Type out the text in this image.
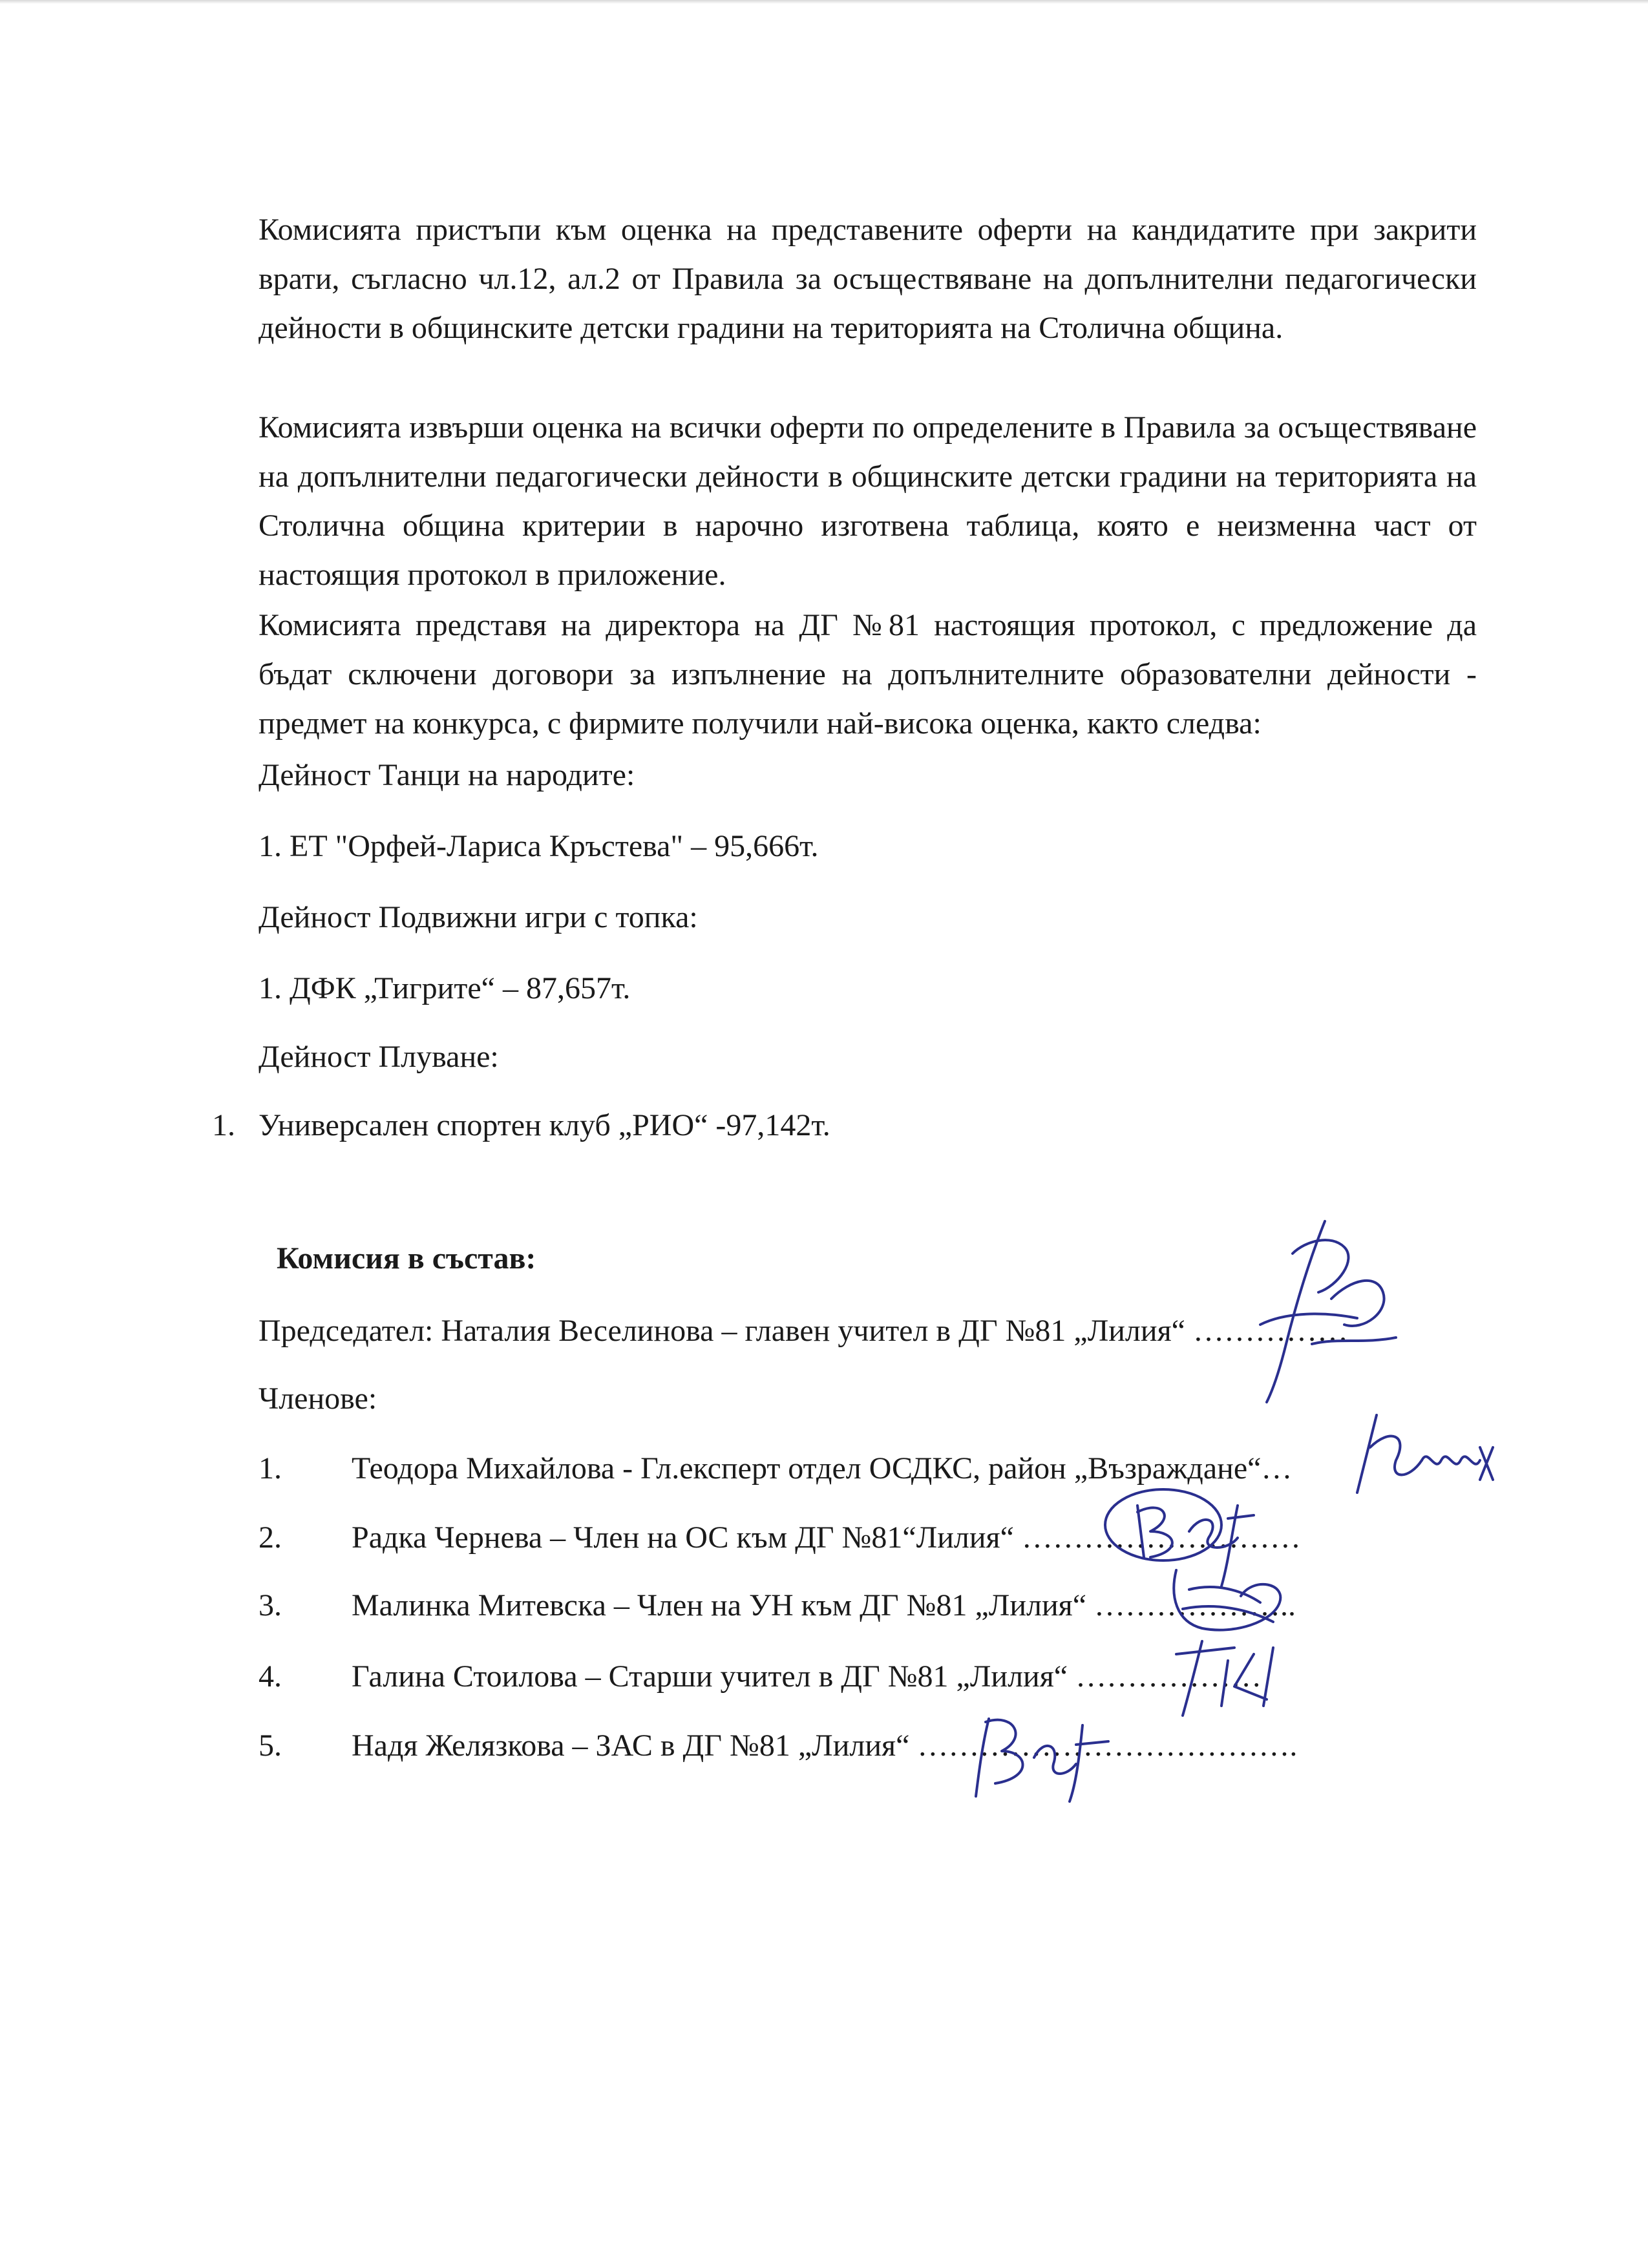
Комисията пристъпи към оценка на представените оферти на кандидатите при закрити врати, съгласно чл.12, ал.2 от Правила за осъществяване на допълнителни педагогически дейности в общинските детски градини на територията на Столична община.

Комисията извърши оценка на всички оферти по определените в Правила за осъществяване на допълнителни педагогически дейности в общинските детски градини на територията на Столична община критерии в нарочно изготвена таблица, която е неизменна част от настоящия протокол в приложение.

Комисията представя на директора на ДГ №81 настоящия протокол, с предложение да бъдат сключени договори за изпълнение на допълнителните образователни дейности - предмет на конкурса, с фирмите получили най-висока оценка, както следва:

Дейност Танци на народите:

1. ЕТ "Орфей-Лариса Кръстева" – 95,666т.

Дейност Подвижни игри с топка:

1. ДФК „Тигрите“ – 87,657т.

Дейност Плуване:

1. Универсален спортен клуб „РИО“ -97,142т.

Комисия в състав:

Председател: Наталия Веселинова – главен учител в ДГ №81 „Лилия“ ……………

Членове:

1. Теодора Михайлова - Гл.експерт отдел ОСДКС, район „Възраждане“…
2. Радка Чернева – Член на ОС към ДГ №81“Лилия“ ………………………
3. Малинка Митевска – Член на УН към ДГ №81 „Лилия“ ………………..
4. Галина Стоилова – Старши учител в ДГ №81 „Лилия“ ………………
5. Надя Желязкова – ЗАС в ДГ №81 „Лилия“ ……………………………….
